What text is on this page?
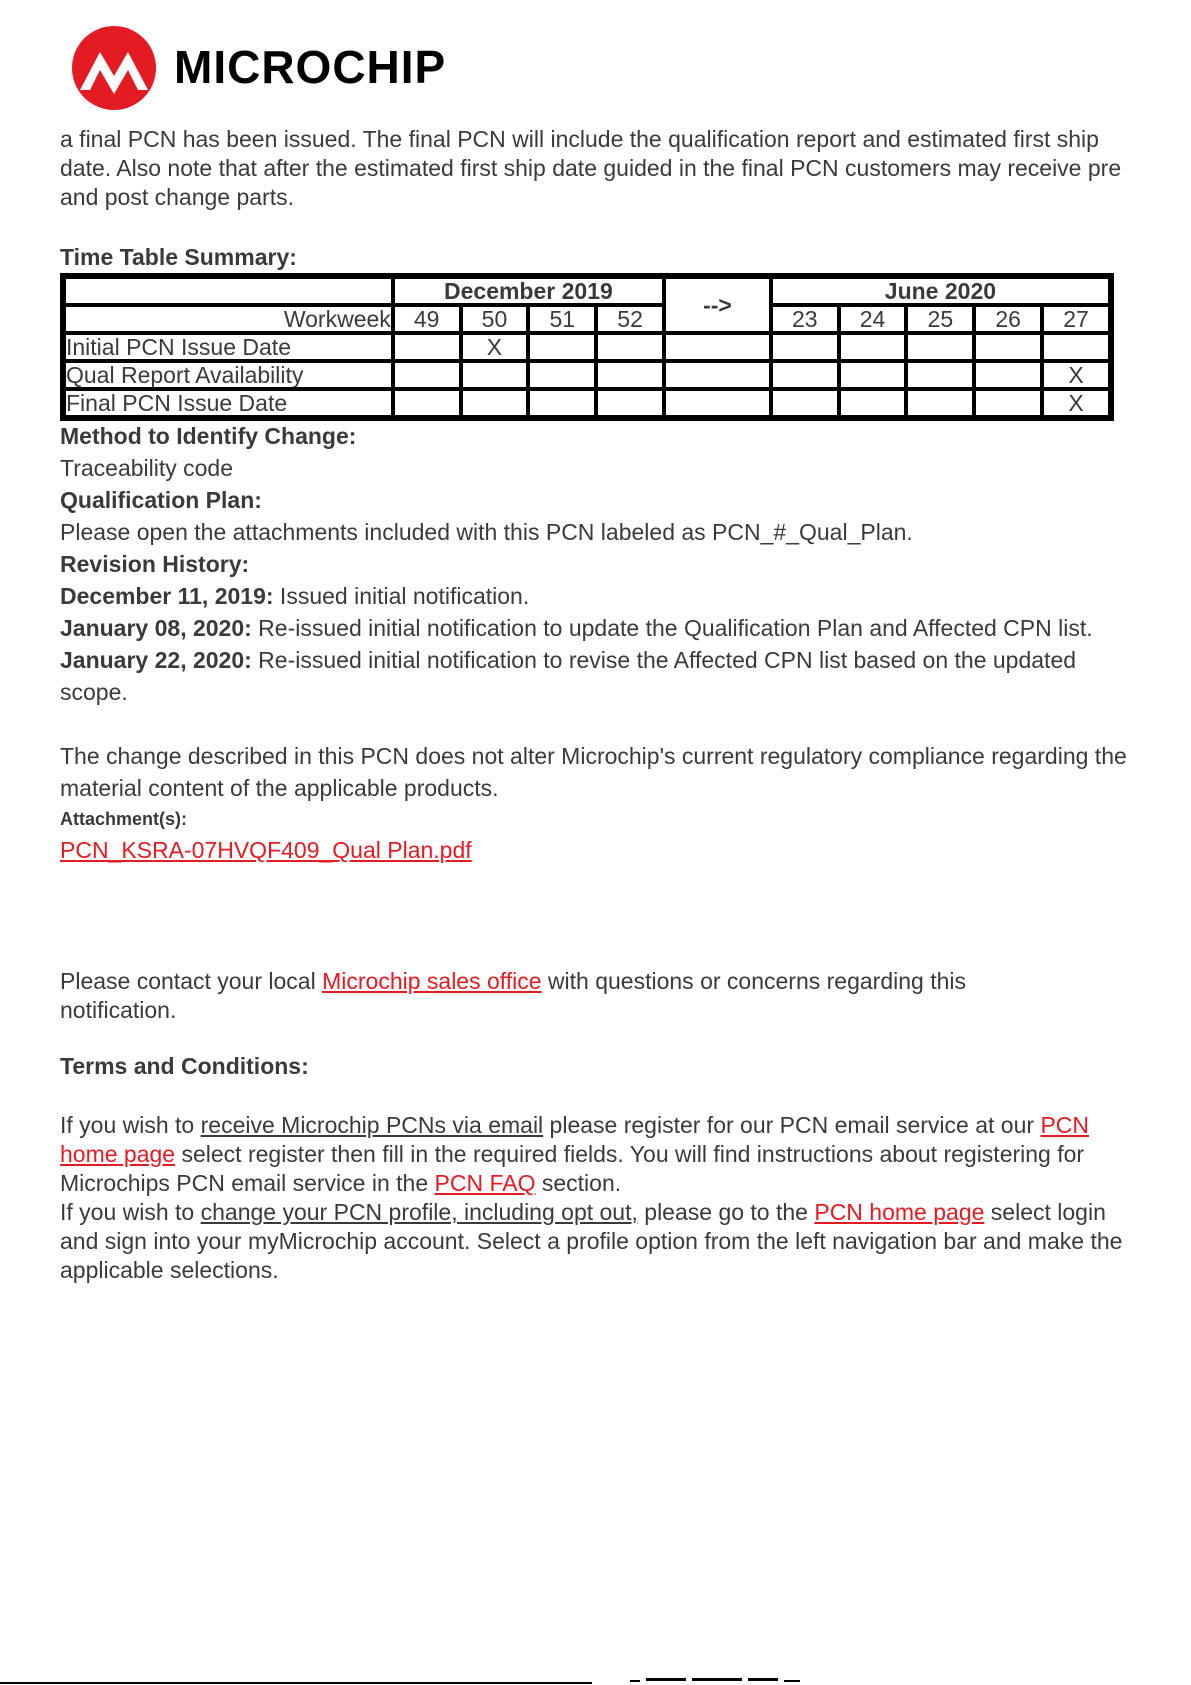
MICROCHIP

a final PCN has been issued. The final PCN will include the qualification report and estimated first ship date. Also note that after the estimated first ship date guided in the final PCN customers may receive pre and post change parts.

Time Table Summary:
	December 2019				-->	June 2020				
Workweek	49	50	51	52		23	24	25	26	27
Initial PCN Issue Date		X								
Qual Report Availability										X
Final PCN Issue Date										X
Method to Identify Change:
Traceability code
Qualification Plan:
Please open the attachments included with this PCN labeled as PCN_#_Qual_Plan.
Revision History:
December 11, 2019: Issued initial notification.
January 08, 2020: Re-issued initial notification to update the Qualification Plan and Affected CPN list.
January 22, 2020: Re-issued initial notification to revise the Affected CPN list based on the updated scope.
The change described in this PCN does not alter Microchip's current regulatory compliance regarding the material content of the applicable products.
Attachment(s):
PCN_KSRA-07HVQF409_Qual Plan.pdf
Please contact your local Microchip sales office with questions or concerns regarding this notification.
Terms and Conditions:
If you wish to receive Microchip PCNs via email please register for our PCN email service at our PCN home page select register then fill in the required fields. You will find instructions about registering for Microchips PCN email service in the PCN FAQ section.
If you wish to change your PCN profile, including opt out, please go to the PCN home page select login and sign into your myMicrochip account. Select a profile option from the left navigation bar and make the applicable selections.
